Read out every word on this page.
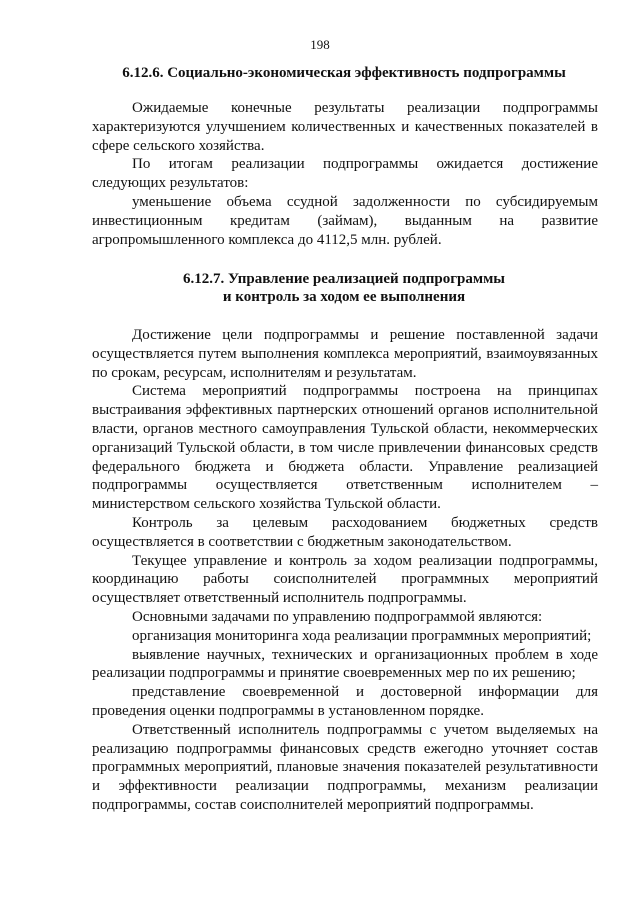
198
6.12.6. Социально-экономическая эффективность подпрограммы

Ожидаемые конечные результаты реализации подпрограммы характеризуются улучшением количественных и качественных показателей в сфере сельского хозяйства.

По итогам реализации подпрограммы ожидается достижение следующих результатов:

уменьшение объема ссудной задолженности по субсидируемым инвестиционным кредитам (займам), выданным на развитие агропромышленного комплекса до 4112,5 млн. рублей.

6.12.7. Управление реализацией подпрограммы
и контроль за ходом ее выполнения

Достижение цели подпрограммы и решение поставленной задачи осуществляется путем выполнения комплекса мероприятий, взаимоувязанных по срокам, ресурсам, исполнителям и результатам.

Система мероприятий подпрограммы построена на принципах выстраивания эффективных партнерских отношений органов исполнительной власти, органов местного самоуправления Тульской области, некоммерческих организаций Тульской области, в том числе привлечении финансовых средств федерального бюджета и бюджета области. Управление реализацией подпрограммы осуществляется ответственным исполнителем – министерством сельского хозяйства Тульской области.

Контроль за целевым расходованием бюджетных средств осуществляется в соответствии с бюджетным законодательством.

Текущее управление и контроль за ходом реализации подпрограммы, координацию работы соисполнителей программных мероприятий осуществляет ответственный исполнитель подпрограммы.

Основными задачами по управлению подпрограммой являются:

организация мониторинга хода реализации программных мероприятий;

выявление научных, технических и организационных проблем в ходе реализации подпрограммы и принятие своевременных мер по их решению;

представление своевременной и достоверной информации для проведения оценки подпрограммы в установленном порядке.

Ответственный исполнитель подпрограммы с учетом выделяемых на реализацию подпрограммы финансовых средств ежегодно уточняет состав программных мероприятий, плановые значения показателей результативности и эффективности реализации подпрограммы, механизм реализации подпрограммы, состав соисполнителей мероприятий подпрограммы.
